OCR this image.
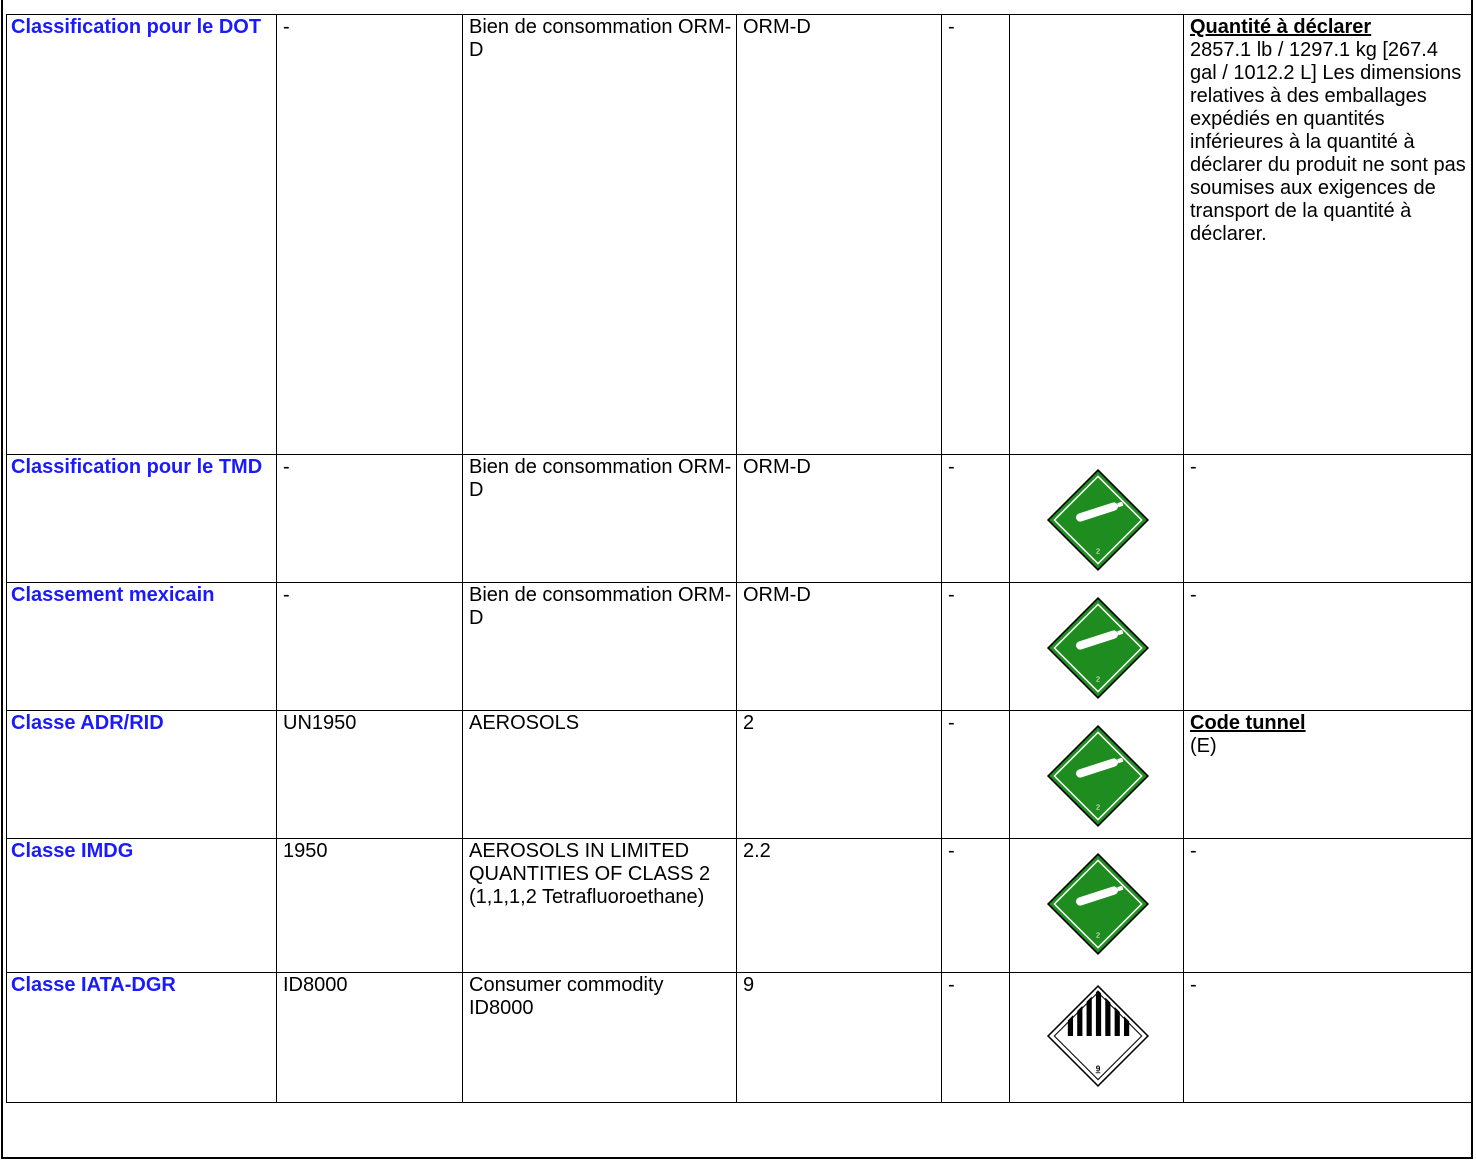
Classification pour le DOT	-	Bien de consommation ORM-D	ORM-D	-		Quantité à déclarer
2857.1 lb / 1297.1 kg [267.4 gal / 1012.2 L] Les dimensions relatives à des emballages expédiés en quantités inférieures à la quantité à déclarer du produit ne sont pas soumises aux exigences de transport de la quantité à déclarer.

Classification pour le TMD	-	Bien de consommation ORM-D	ORM-D	-	2	-

Classement mexicain	-	Bien de consommation ORM-D	ORM-D	-	2	-

Classe ADR/RID	UN1950	AEROSOLS	2	-	2	Code tunnel
(E)

Classe IMDG	1950	AEROSOLS IN LIMITED QUANTITIES OF CLASS 2 (1,1,1,2 Tetrafluoroethane)	2.2	-	2	-

Classe IATA-DGR	ID8000	Consumer commodity ID8000	9	-	9	-
